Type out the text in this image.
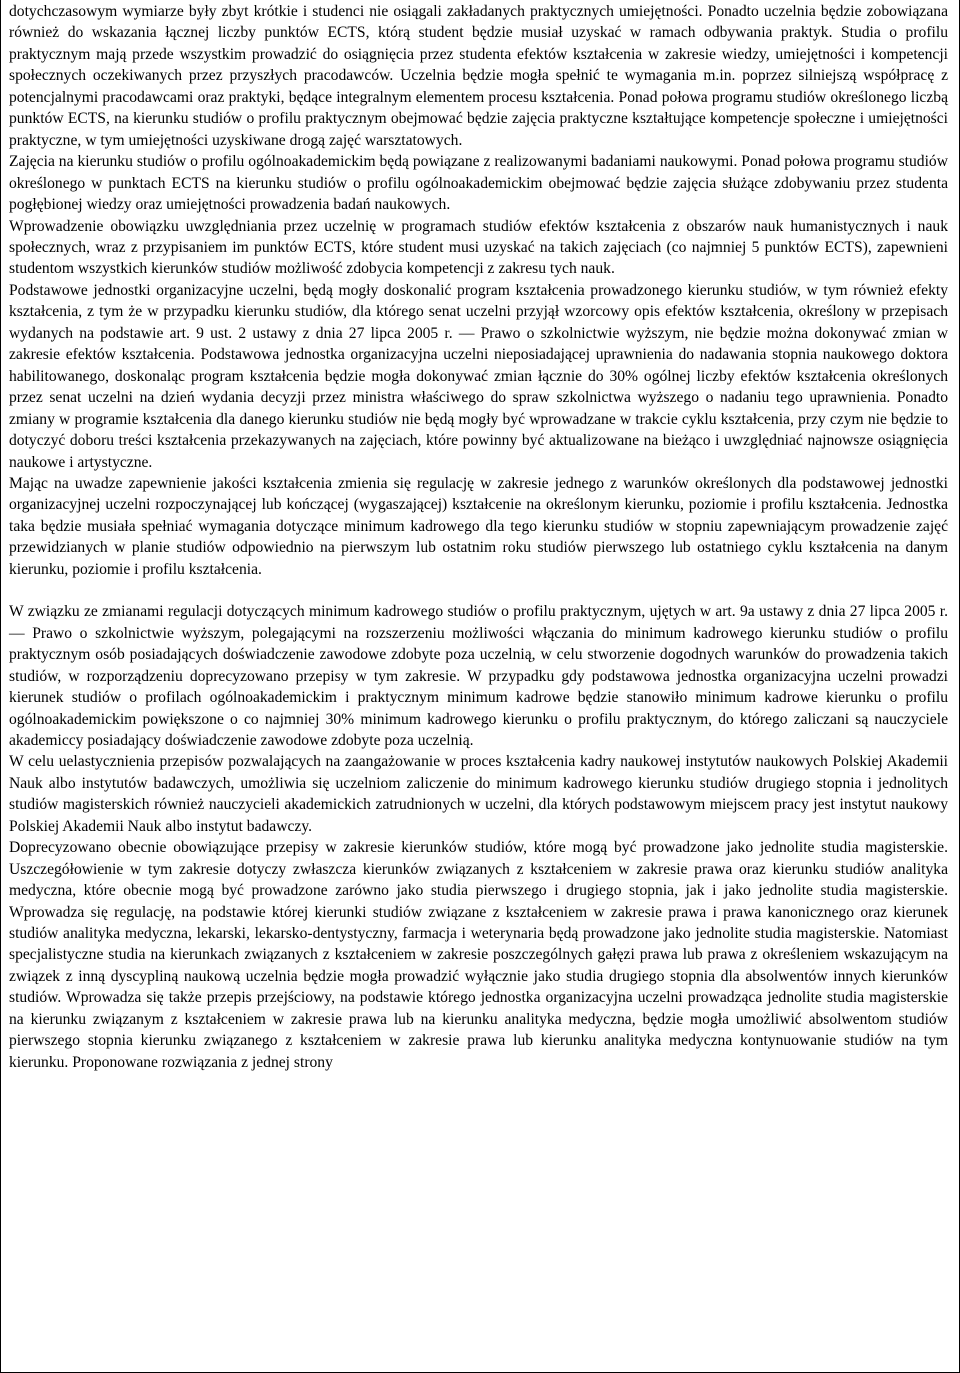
dotychczasowym wymiarze były zbyt krótkie i studenci nie osiągali zakładanych praktycznych umiejętności. Ponadto uczelnia będzie zobowiązana również do wskazania łącznej liczby punktów ECTS, którą student będzie musiał uzyskać w ramach odbywania praktyk. Studia o profilu praktycznym mają przede wszystkim prowadzić do osiągnięcia przez studenta efektów kształcenia w zakresie wiedzy, umiejętności i kompetencji społecznych oczekiwanych przez przyszłych pracodawców. Uczelnia będzie mogła spełnić te wymagania m.in. poprzez silniejszą współpracę z potencjalnymi pracodawcami oraz praktyki, będące integralnym elementem procesu kształcenia. Ponad połowa programu studiów określonego liczbą punktów ECTS, na kierunku studiów o profilu praktycznym obejmować będzie zajęcia praktyczne kształtujące kompetencje społeczne i umiejętności praktyczne, w tym umiejętności uzyskiwane drogą zajęć warsztatowych.

Zajęcia na kierunku studiów o profilu ogólnoakademickim będą powiązane z realizowanymi badaniami naukowymi. Ponad połowa programu studiów określonego w punktach ECTS na kierunku studiów o profilu ogólnoakademickim obejmować będzie zajęcia służące zdobywaniu przez studenta pogłębionej wiedzy oraz umiejętności prowadzenia badań naukowych.

Wprowadzenie obowiązku uwzględniania przez uczelnię w programach studiów efektów kształcenia z obszarów nauk humanistycznych i nauk społecznych, wraz z przypisaniem im punktów ECTS, które student musi uzyskać na takich zajęciach (co najmniej 5 punktów ECTS), zapewnieni studentom wszystkich kierunków studiów możliwość zdobycia kompetencji z zakresu tych nauk.

Podstawowe jednostki organizacyjne uczelni, będą mogły doskonalić program kształcenia prowadzonego kierunku studiów, w tym również efekty kształcenia, z tym że w przypadku kierunku studiów, dla którego senat uczelni przyjął wzorcowy opis efektów kształcenia, określony w przepisach wydanych na podstawie art. 9 ust. 2 ustawy z dnia 27 lipca 2005 r. ― Prawo o szkolnictwie wyższym, nie będzie można dokonywać zmian w zakresie efektów kształcenia. Podstawowa jednostka organizacyjna uczelni nieposiadającej uprawnienia do nadawania stopnia naukowego doktora habilitowanego, doskonaląc program kształcenia będzie mogła dokonywać zmian łącznie do 30% ogólnej liczby efektów kształcenia określonych przez senat uczelni na dzień wydania decyzji przez ministra właściwego do spraw szkolnictwa wyższego o nadaniu tego uprawnienia. Ponadto zmiany w programie kształcenia dla danego kierunku studiów nie będą mogły być wprowadzane w trakcie cyklu kształcenia, przy czym nie będzie to dotyczyć doboru treści kształcenia przekazywanych na zajęciach, które powinny być aktualizowane na bieżąco i uwzględniać najnowsze osiągnięcia naukowe i artystyczne.

Mając na uwadze zapewnienie jakości kształcenia zmienia się regulację w zakresie jednego z warunków określonych dla podstawowej jednostki organizacyjnej uczelni rozpoczynającej lub kończącej (wygaszającej) kształcenie na określonym kierunku, poziomie i profilu kształcenia. Jednostka taka będzie musiała spełniać wymagania dotyczące minimum kadrowego dla tego kierunku studiów w stopniu zapewniającym prowadzenie zajęć przewidzianych w planie studiów odpowiednio na pierwszym lub ostatnim roku studiów pierwszego lub ostatniego cyklu kształcenia na danym kierunku, poziomie i profilu kształcenia.

W związku ze zmianami regulacji dotyczących minimum kadrowego studiów o profilu praktycznym, ujętych w art. 9a ustawy z dnia 27 lipca 2005 r. ― Prawo o szkolnictwie wyższym, polegającymi na rozszerzeniu możliwości włączania do minimum kadrowego kierunku studiów o profilu praktycznym osób posiadających doświadczenie zawodowe zdobyte poza uczelnią, w celu stworzenie dogodnych warunków do prowadzenia takich studiów, w rozporządzeniu doprecyzowano przepisy w tym zakresie. W przypadku gdy podstawowa jednostka organizacyjna uczelni prowadzi kierunek studiów o profilach ogólnoakademickim i praktycznym minimum kadrowe będzie stanowiło minimum kadrowe kierunku o profilu ogólnoakademickim powiększone o co najmniej 30% minimum kadrowego kierunku o profilu praktycznym, do którego zaliczani są nauczyciele akademiccy posiadający doświadczenie zawodowe zdobyte poza uczelnią.

W celu uelastycznienia przepisów pozwalających na zaangażowanie w proces kształcenia kadry naukowej instytutów naukowych Polskiej Akademii Nauk albo instytutów badawczych, umożliwia się uczelniom zaliczenie do minimum kadrowego kierunku studiów drugiego stopnia i jednolitych studiów magisterskich również nauczycieli akademickich zatrudnionych w uczelni, dla których podstawowym miejscem pracy jest instytut naukowy Polskiej Akademii Nauk albo instytut badawczy.

Doprecyzowano obecnie obowiązujące przepisy w zakresie kierunków studiów, które mogą być prowadzone jako jednolite studia magisterskie. Uszczegółowienie w tym zakresie dotyczy zwłaszcza kierunków związanych z kształceniem w zakresie prawa oraz kierunku studiów analityka medyczna, które obecnie mogą być prowadzone zarówno jako studia pierwszego i drugiego stopnia, jak i jako jednolite studia magisterskie. Wprowadza się regulację, na podstawie której kierunki studiów związane z kształceniem w zakresie prawa i prawa kanonicznego oraz kierunek studiów analityka medyczna, lekarski, lekarsko-dentystyczny, farmacja i weterynaria będą prowadzone jako jednolite studia magisterskie. Natomiast specjalistyczne studia na kierunkach związanych z kształceniem w zakresie poszczególnych gałęzi prawa lub prawa z określeniem wskazującym na związek z inną dyscypliną naukową uczelnia będzie mogła prowadzić wyłącznie jako studia drugiego stopnia dla absolwentów innych kierunków studiów. Wprowadza się także przepis przejściowy, na podstawie którego jednostka organizacyjna uczelni prowadząca jednolite studia magisterskie na kierunku związanym z kształceniem w zakresie prawa lub na kierunku analityka medyczna, będzie mogła umożliwić absolwentom studiów pierwszego stopnia kierunku związanego z kształceniem w zakresie prawa lub kierunku analityka medyczna kontynuowanie studiów na tym kierunku. Proponowane rozwiązania z jednej strony
